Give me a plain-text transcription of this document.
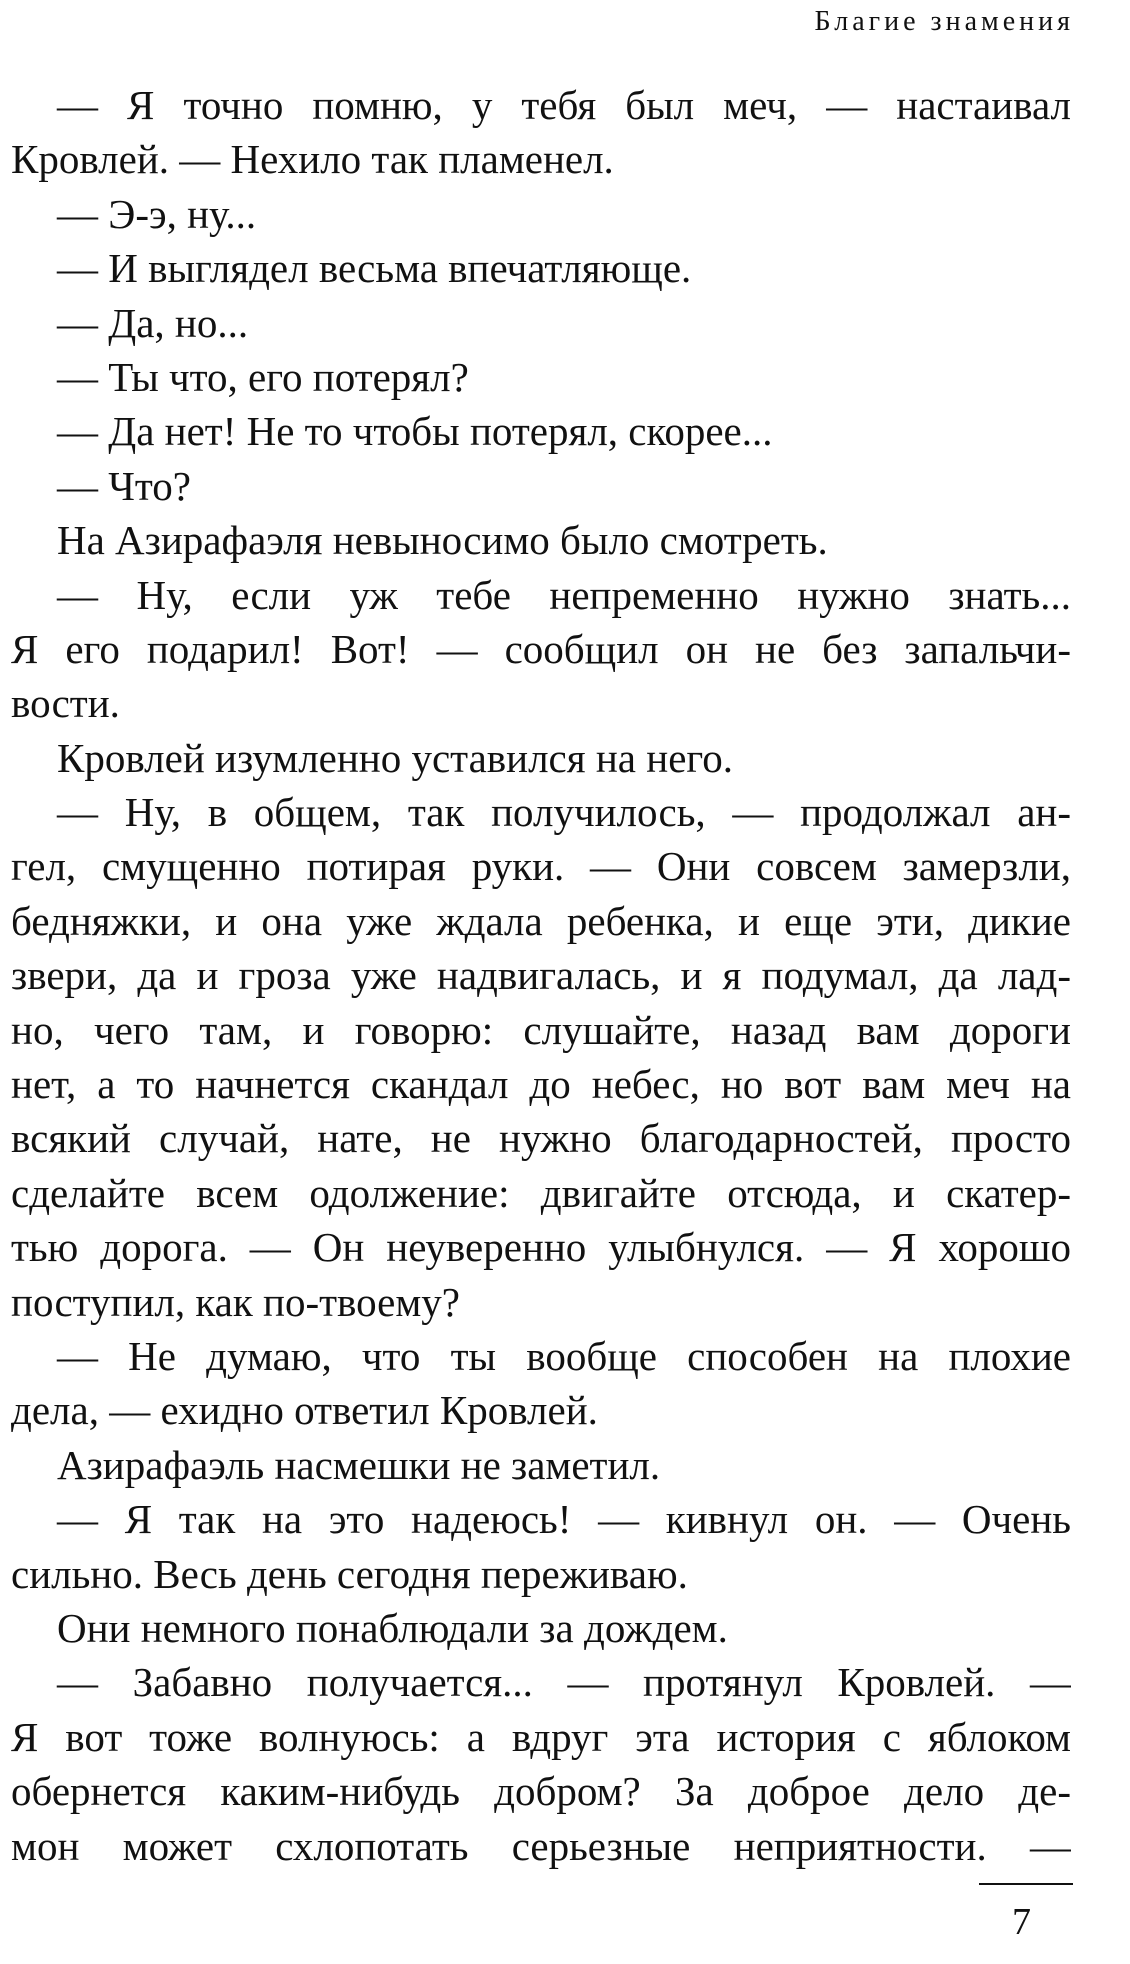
Благие знамения
— Я точно помню, у тебя был меч, — настаивал
Кровлей. — Нехило так пламенел.
— Э-э, ну...
— И выглядел весьма впечатляюще.
— Да, но...
— Ты что, его потерял?
— Да нет! Не то чтобы потерял, скорее...
— Что?
На Азирафаэля невыносимо было смотреть.
— Ну, если уж тебе непременно нужно знать...
Я его подарил! Вот! — сообщил он не без запальчи-
вости.
Кровлей изумленно уставился на него.
— Ну, в общем, так получилось, — продолжал ан-
гел, смущенно потирая руки. — Они совсем замерзли,
бедняжки, и она уже ждала ребенка, и еще эти, дикие
звери, да и гроза уже надвигалась, и я подумал, да лад-
но, чего там, и говорю: слушайте, назад вам дороги
нет, а то начнется скандал до небес, но вот вам меч на
всякий случай, нате, не нужно благодарностей, просто
сделайте всем одолжение: двигайте отсюда, и скатер-
тью дорога. — Он неуверенно улыбнулся. — Я хорошо
поступил, как по-твоему?
— Не думаю, что ты вообще способен на плохие
дела, — ехидно ответил Кровлей.
Азирафаэль насмешки не заметил.
— Я так на это надеюсь! — кивнул он. — Очень
сильно. Весь день сегодня переживаю.
Они немного понаблюдали за дождем.
— Забавно получается... — протянул Кровлей. —
Я вот тоже волнуюсь: а вдруг эта история с яблоком
обернется каким-нибудь добром? За доброе дело де-
мон может схлопотать серьезные неприятности. —
7
